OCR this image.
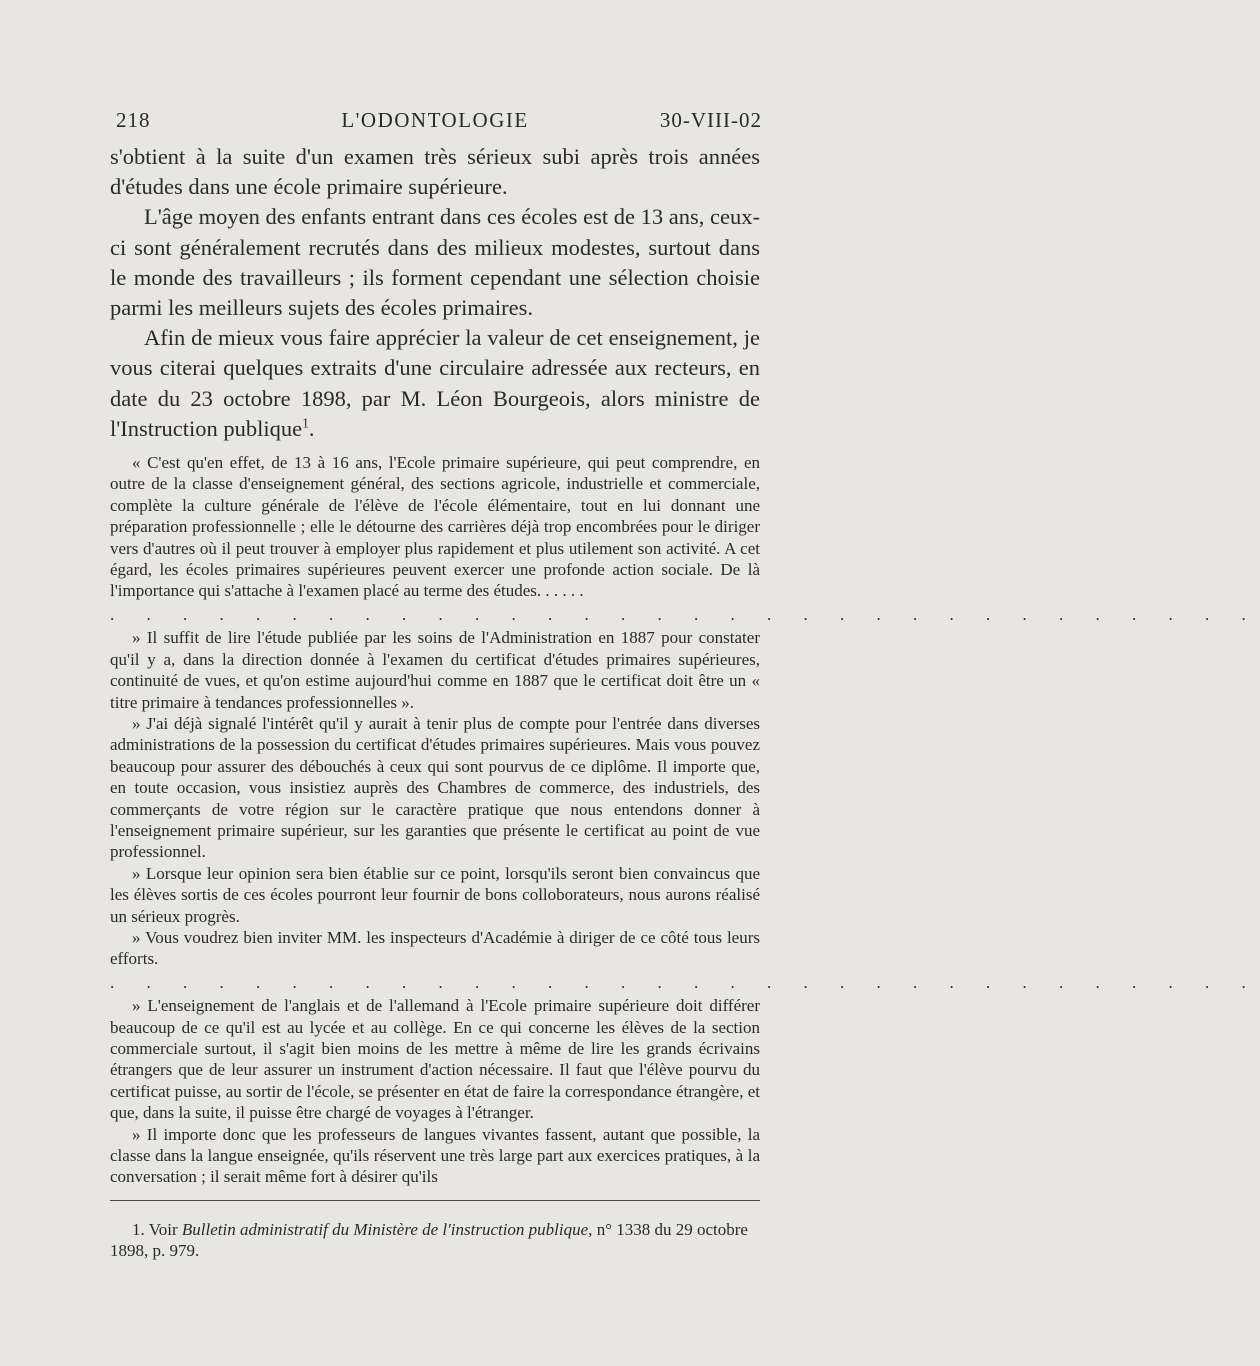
218	L'ODONTOLOGIE	30-VIII-02

s'obtient à la suite d'un examen très sérieux subi après trois années d'études dans une école primaire supérieure.

L'âge moyen des enfants entrant dans ces écoles est de 13 ans, ceux-ci sont généralement recrutés dans des milieux modestes, surtout dans le monde des travailleurs ; ils forment cependant une sélection choisie parmi les meilleurs sujets des écoles primaires.

Afin de mieux vous faire apprécier la valeur de cet enseignement, je vous citerai quelques extraits d'une circulaire adressée aux recteurs, en date du 23 octobre 1898, par M. Léon Bourgeois, alors ministre de l'Instruction publique$^1$.

« C'est qu'en effet, de 13 à 16 ans, l'Ecole primaire supérieure, qui peut comprendre, en outre de la classe d'enseignement général, des sections agricole, industrielle et commerciale, complète la culture générale de l'élève de l'école élémentaire, tout en lui donnant une préparation professionnelle ; elle le détourne des carrières déjà trop encombrées pour le diriger vers d'autres où il peut trouver à employer plus rapidement et plus utilement son activité. A cet égard, les écoles primaires supérieures peuvent exercer une profonde action sociale. De là l'importance qui s'attache à l'examen placé au terme des études. . . . . .

. . . . . . . . . . . . . . . . . . . . . . . . . . . . . . . .

» Il suffit de lire l'étude publiée par les soins de l'Administration en 1887 pour constater qu'il y a, dans la direction donnée à l'examen du certificat d'études primaires supérieures, continuité de vues, et qu'on estime aujourd'hui comme en 1887 que le certificat doit être un « titre primaire à tendances professionnelles ».

» J'ai déjà signalé l'intérêt qu'il y aurait à tenir plus de compte pour l'entrée dans diverses administrations de la possession du certificat d'études primaires supérieures. Mais vous pouvez beaucoup pour assurer des débouchés à ceux qui sont pourvus de ce diplôme. Il importe que, en toute occasion, vous insistiez auprès des Chambres de commerce, des industriels, des commerçants de votre région sur le caractère pratique que nous entendons donner à l'enseignement primaire supérieur, sur les garanties que présente le certificat au point de vue professionnel.

» Lorsque leur opinion sera bien établie sur ce point, lorsqu'ils seront bien convaincus que les élèves sortis de ces écoles pourront leur fournir de bons colloborateurs, nous aurons réalisé un sérieux progrès.

» Vous voudrez bien inviter MM. les inspecteurs d'Académie à diriger de ce côté tous leurs efforts.

. . . . . . . . . . . . . . . . . . . . . . . . . . . . . . . .

» L'enseignement de l'anglais et de l'allemand à l'Ecole primaire supérieure doit différer beaucoup de ce qu'il est au lycée et au collège. En ce qui concerne les élèves de la section commerciale surtout, il s'agit bien moins de les mettre à même de lire les grands écrivains étrangers que de leur assurer un instrument d'action nécessaire. Il faut que l'élève pourvu du certificat puisse, au sortir de l'école, se présenter en état de faire la correspondance étrangère, et que, dans la suite, il puisse être chargé de voyages à l'étranger.

» Il importe donc que les professeurs de langues vivantes fassent, autant que possible, la classe dans la langue enseignée, qu'ils réservent une très large part aux exercices pratiques, à la conversation ; il serait même fort à désirer qu'ils

1. Voir Bulletin administratif du Ministère de l'instruction publique, n° 1338 du 29 octobre 1898, p. 979.
